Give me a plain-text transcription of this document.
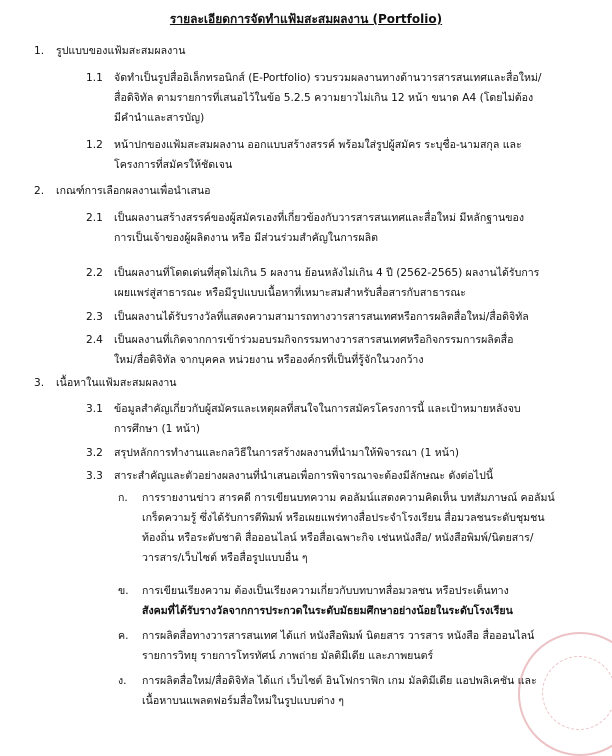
รายละเอียดการจัดทำแฟ้มสะสมผลงาน (Portfolio)
1. รูปแบบของแฟ้มสะสมผลงาน
1.1 จัดทำเป็นรูปสื่ออิเล็กทรอนิกส์ (E-Portfolio) รวบรวมผลงานทางด้านวารสารสนเทศและสื่อใหม่/
สื่อดิจิทัล ตามรายการที่เสนอไว้ในข้อ 5.2.5 ความยาวไม่เกิน 12 หน้า ขนาด A4 (โดยไม่ต้อง
มีคำนำและสารบัญ)
1.2 หน้าปกของแฟ้มสะสมผลงาน ออกแบบสร้างสรรค์ พร้อมใส่รูปผู้สมัคร ระบุชื่อ-นามสกุล และ
โครงการที่สมัครให้ชัดเจน
2. เกณฑ์การเลือกผลงานเพื่อนำเสนอ
2.1 เป็นผลงานสร้างสรรค์ของผู้สมัครเองที่เกี่ยวข้องกับวารสารสนเทศและสื่อใหม่ มีหลักฐานของ
การเป็นเจ้าของผู้ผลิตงาน หรือ มีส่วนร่วมสำคัญในการผลิต
2.2 เป็นผลงานที่โดดเด่นที่สุดไม่เกิน 5 ผลงาน ย้อนหลังไม่เกิน 4 ปี (2562-2565) ผลงานได้รับการ
เผยแพร่สู่สาธารณะ หรือมีรูปแบบเนื้อหาที่เหมาะสมสำหรับสื่อสารกับสาธารณะ
2.3 เป็นผลงานได้รับรางวัลที่แสดงความสามารถทางวารสารสนเทศหรือการผลิตสื่อใหม่/สื่อดิจิทัล
2.4 เป็นผลงานที่เกิดจากการเข้าร่วมอบรมกิจกรรมทางวารสารสนเทศหรือกิจกรรมการผลิตสื่อ
ใหม่/สื่อดิจิทัล จากบุคคล หน่วยงาน หรือองค์กรที่เป็นที่รู้จักในวงกว้าง
3. เนื้อหาในแฟ้มสะสมผลงาน
3.1 ข้อมูลสำคัญเกี่ยวกับผู้สมัครและเหตุผลที่สนใจในการสมัครโครงการนี้ และเป้าหมายหลังจบ
การศึกษา (1 หน้า)
3.2 สรุปหลักการทำงานและกลวิธีในการสร้างผลงานที่นำมาให้พิจารณา (1 หน้า)
3.3 สาระสำคัญและตัวอย่างผลงานที่นำเสนอเพื่อการพิจารณาจะต้องมีลักษณะ ดังต่อไปนี้
ก. การรายงานข่าว สารคดี การเขียนบทความ คอลัมน์แสดงความคิดเห็น บทสัมภาษณ์ คอลัมน์
เกร็ดความรู้ ซึ่งได้รับการตีพิมพ์ หรือเผยแพร่ทางสื่อประจำโรงเรียน สื่อมวลชนระดับชุมชน
ท้องถิ่น หรือระดับชาติ สื่อออนไลน์ หรือสื่อเฉพาะกิจ เช่นหนังสือ/ หนังสือพิมพ์/นิตยสาร/
วารสาร/เว็บไซต์ หรือสื่อรูปแบบอื่น ๆ
ข. การเขียนเรียงความ ต้องเป็นเรียงความเกี่ยวกับบทบาทสื่อมวลชน หรือประเด็นทาง
สังคมที่ได้รับรางวัลจากการประกวดในระดับมัธยมศึกษาอย่างน้อยในระดับโรงเรียน
ค. การผลิตสื่อทางวารสารสนเทศ ได้แก่ หนังสือพิมพ์ นิตยสาร วารสาร หนังสือ สื่อออนไลน์
รายการวิทยุ รายการโทรทัศน์ ภาพถ่าย มัลติมีเดีย และภาพยนตร์
ง. การผลิตสื่อใหม่/สื่อดิจิทัล ได้แก่ เว็บไซต์ อินโฟกราฟิก เกม มัลติมีเดีย แอปพลิเคชัน และ
เนื้อหาบนแพลตฟอร์มสื่อใหม่ในรูปแบบต่าง ๆ
